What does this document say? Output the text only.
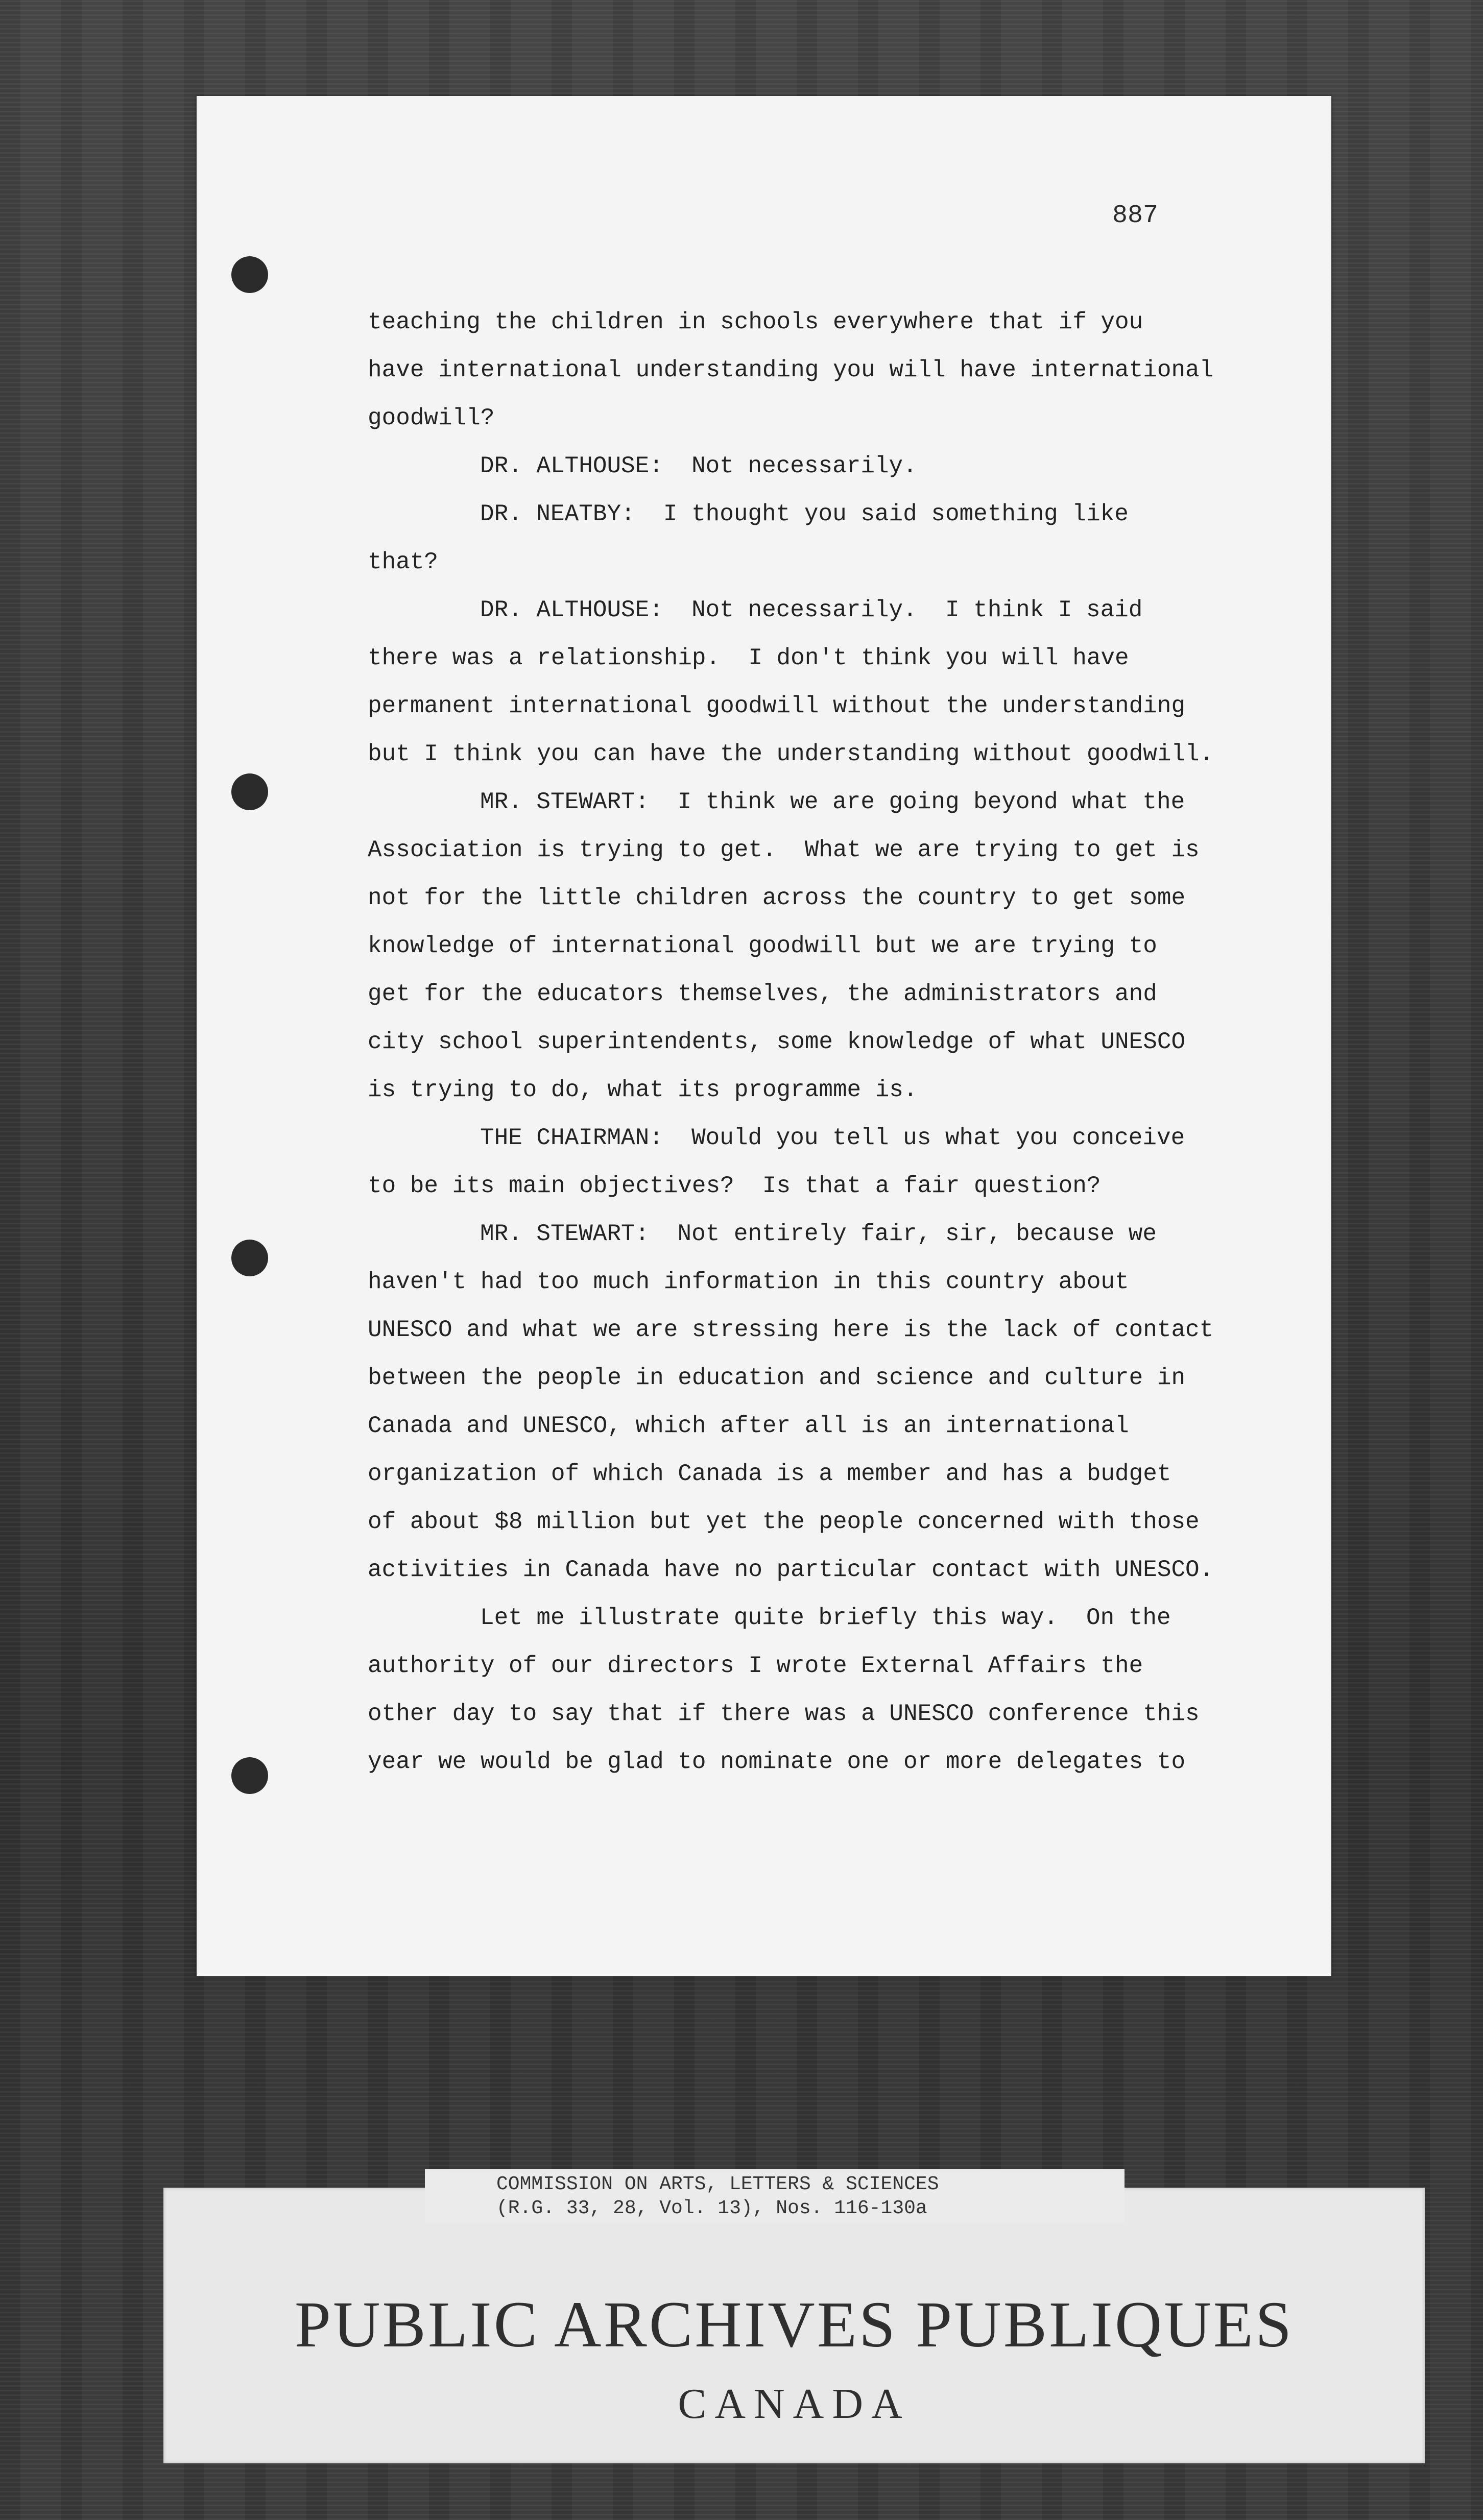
887
teaching the children in schools everywhere that if you
have international understanding you will have international
goodwill?
DR. ALTHOUSE:  Not necessarily.
DR. NEATBY:  I thought you said something like
that?
DR. ALTHOUSE:  Not necessarily.  I think I said
there was a relationship.  I don't think you will have
permanent international goodwill without the understanding
but I think you can have the understanding without goodwill.
MR. STEWART:  I think we are going beyond what the
Association is trying to get.  What we are trying to get is
not for the little children across the country to get some
knowledge of international goodwill but we are trying to
get for the educators themselves, the administrators and
city school superintendents, some knowledge of what UNESCO
is trying to do, what its programme is.
THE CHAIRMAN:  Would you tell us what you conceive
to be its main objectives?  Is that a fair question?
MR. STEWART:  Not entirely fair, sir, because we
haven't had too much information in this country about
UNESCO and what we are stressing here is the lack of contact
between the people in education and science and culture in
Canada and UNESCO, which after all is an international
organization of which Canada is a member and has a budget
of about $8 million but yet the people concerned with those
activities in Canada have no particular contact with UNESCO.
Let me illustrate quite briefly this way.  On the
authority of our directors I wrote External Affairs the
other day to say that if there was a UNESCO conference this
year we would be glad to nominate one or more delegates to
PUBLIC ARCHIVES PUBLIQUES
CANADA
COMMISSION ON ARTS, LETTERS & SCIENCES
(R.G. 33, 28, Vol. 13), Nos. 116-130a
